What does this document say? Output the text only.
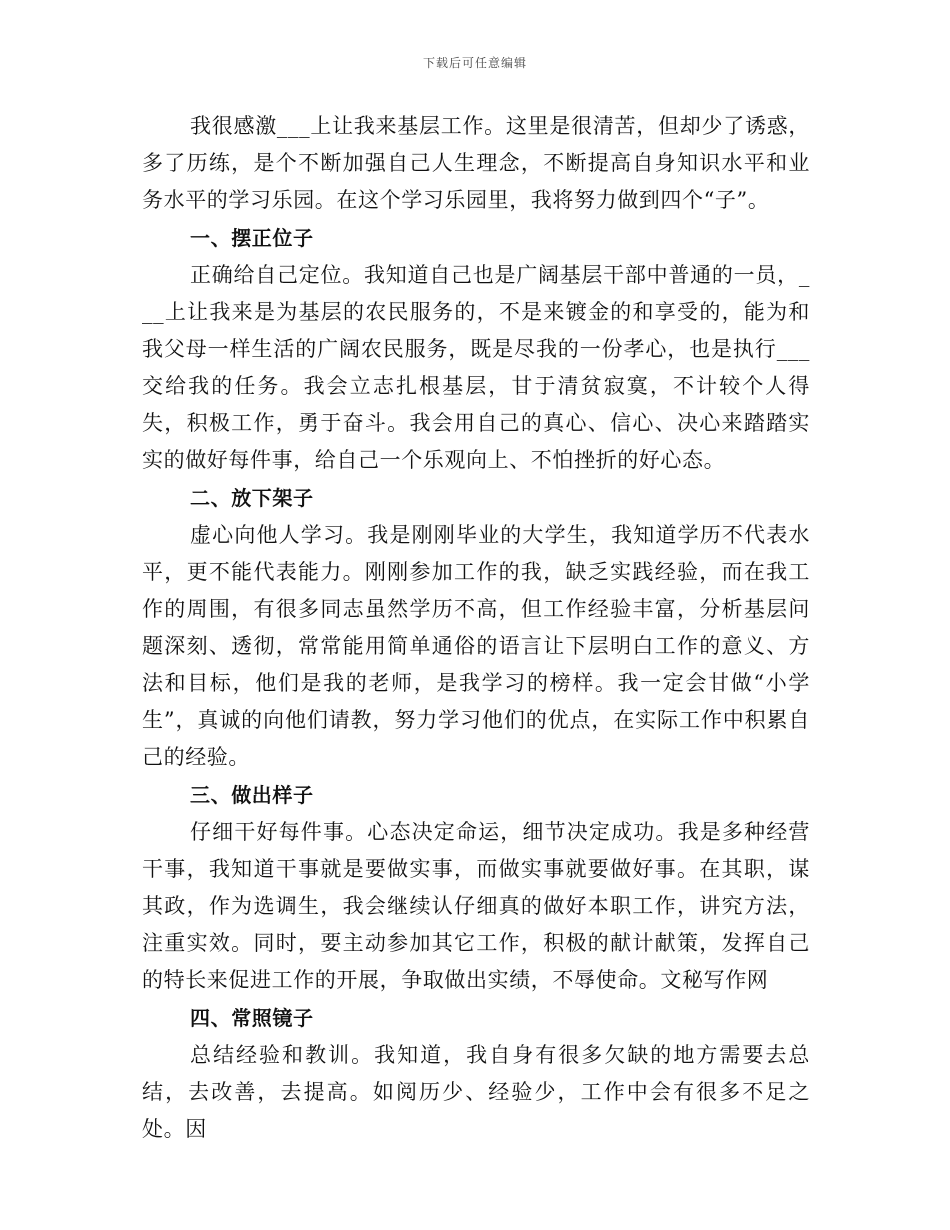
下载后可任意编辑

我很感激___上让我来基层工作。这里是很清苦，但却少了诱惑，多了历练，是个不断加强自己人生理念，不断提高自身知识水平和业务水平的学习乐园。在这个学习乐园里，我将努力做到四个“子”。

一、摆正位子

正确给自己定位。我知道自己也是广阔基层干部中普通的一员，___上让我来是为基层的农民服务的，不是来镀金的和享受的，能为和我父母一样生活的广阔农民服务，既是尽我的一份孝心，也是执行___交给我的任务。我会立志扎根基层，甘于清贫寂寞，不计较个人得失，积极工作，勇于奋斗。我会用自己的真心、信心、决心来踏踏实实的做好每件事，给自己一个乐观向上、不怕挫折的好心态。

二、放下架子

虚心向他人学习。我是刚刚毕业的大学生，我知道学历不代表水平，更不能代表能力。刚刚参加工作的我，缺乏实践经验，而在我工作的周围，有很多同志虽然学历不高，但工作经验丰富，分析基层问题深刻、透彻，常常能用简单通俗的语言让下层明白工作的意义、方法和目标，他们是我的老师，是我学习的榜样。我一定会甘做“小学生”，真诚的向他们请教，努力学习他们的优点，在实际工作中积累自己的经验。

三、做出样子

仔细干好每件事。心态决定命运，细节决定成功。我是多种经营干事，我知道干事就是要做实事，而做实事就要做好事。在其职，谋其政，作为选调生，我会继续认仔细真的做好本职工作，讲究方法，注重实效。同时，要主动参加其它工作，积极的献计献策，发挥自己的特长来促进工作的开展，争取做出实绩，不辱使命。文秘写作网

四、常照镜子

总结经验和教训。我知道，我自身有很多欠缺的地方需要去总结，去改善，去提高。如阅历少、经验少，工作中会有很多不足之处。因
